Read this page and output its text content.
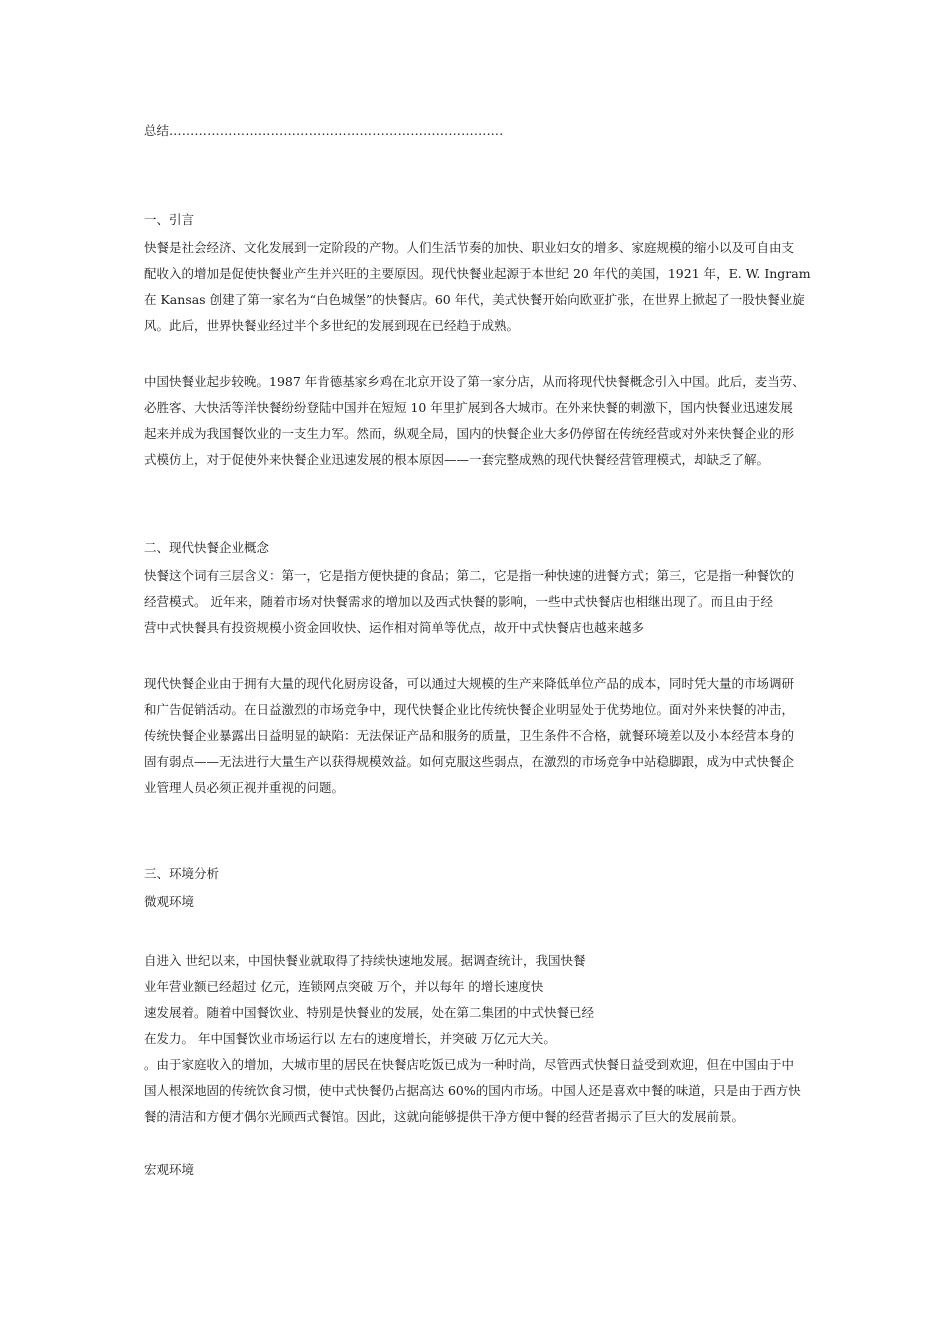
总结…………………………………………………………………….
一、引言
快餐是社会经济、文化发展到一定阶段的产物。人们生活节奏的加快、职业妇女的增多、家庭规模的缩小以及可自由支
配收入的增加是促使快餐业产生并兴旺的主要原因。现代快餐业起源于本世纪 20 年代的美国，1921 年，E. W. Ingram
在 Kansas 创建了第一家名为“白色城堡”的快餐店。60 年代，美式快餐开始向欧亚扩张，在世界上掀起了一股快餐业旋
风。此后，世界快餐业经过半个多世纪的发展到现在已经趋于成熟。
中国快餐业起步较晚。1987 年肯德基家乡鸡在北京开设了第一家分店，从而将现代快餐概念引入中国。此后，麦当劳、
必胜客、大快活等洋快餐纷纷登陆中国并在短短 10 年里扩展到各大城市。在外来快餐的刺激下，国内快餐业迅速发展
起来并成为我国餐饮业的一支生力军。然而，纵观全局，国内的快餐企业大多仍停留在传统经营或对外来快餐企业的形
式模仿上，对于促使外来快餐企业迅速发展的根本原因——一套完整成熟的现代快餐经营管理模式，却缺乏了解。
二、现代快餐企业概念
快餐这个词有三层含义：第一，它是指方便快捷的食品；第二，它是指一种快速的进餐方式；第三，它是指一种餐饮的
经营模式。 近年来，随着市场对快餐需求的增加以及西式快餐的影响，一些中式快餐店也相继出现了。而且由于经
营中式快餐具有投资规模小资金回收快、运作相对简单等优点，故开中式快餐店也越来越多
现代快餐企业由于拥有大量的现代化厨房设备，可以通过大规模的生产来降低单位产品的成本，同时凭大量的市场调研
和广告促销活动。在日益激烈的市场竞争中，现代快餐企业比传统快餐企业明显处于优势地位。面对外来快餐的冲击，
传统快餐企业暴露出日益明显的缺陷：无法保证产品和服务的质量，卫生条件不合格，就餐环境差以及小本经营本身的
固有弱点——无法进行大量生产以获得规模效益。如何克服这些弱点，在激烈的市场竞争中站稳脚跟，成为中式快餐企
业管理人员必须正视并重视的问题。
三、环境分析
微观环境
自进入 世纪以来，中国快餐业就取得了持续快速地发展。据调查统计，我国快餐
业年营业额已经超过 亿元，连锁网点突破 万个，并以每年 的增长速度快
速发展着。随着中国餐饮业、特别是快餐业的发展，处在第二集团的中式快餐已经
在发力。 年中国餐饮业市场运行以 左右的速度增长，并突破 万亿元大关。
。由于家庭收入的增加，大城市里的居民在快餐店吃饭已成为一种时尚，尽管西式快餐日益受到欢迎，但在中国由于中
国人根深地固的传统饮食习惯，使中式快餐仍占据高达 60%的国内市场。中国人还是喜欢中餐的味道，只是由于西方快
餐的清洁和方便才偶尔光顾西式餐馆。因此，这就向能够提供干净方便中餐的经营者揭示了巨大的发展前景。
宏观环境
